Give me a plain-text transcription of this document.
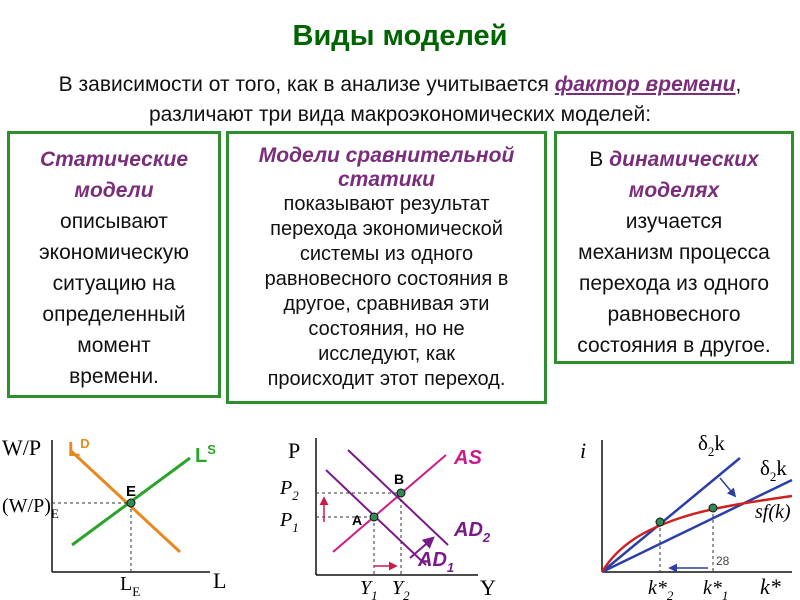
Виды моделей
В зависимости от того, как в анализе учитывается фактор времени,
различают три вида макроэкономических моделей:
Статические
модели
описывают
экономическую
ситуацию на
определенный
момент
времени.
Модели сравнительной
статики
показывают результат
перехода экономической
системы из одного
равновесного состояния в
другое, сравнивая эти
состояния, но не
исследуют, как
происходит этот переход.
В динамических
моделях
изучается
механизм процесса
перехода из одного
равновесного
состояния в другое.
W/P
L
$L^D$
$L^S$
E
$(W/P)_E$
$L_E$
P
Y
AS
$AD_2$
$AD_1$
A
B
$P_2$
$P_1$
$Y_1$ $Y_2$
i
k*
$\delta_2k$
$\delta_2k$
sf(k)
$k*_2$ $k*_1$
28
